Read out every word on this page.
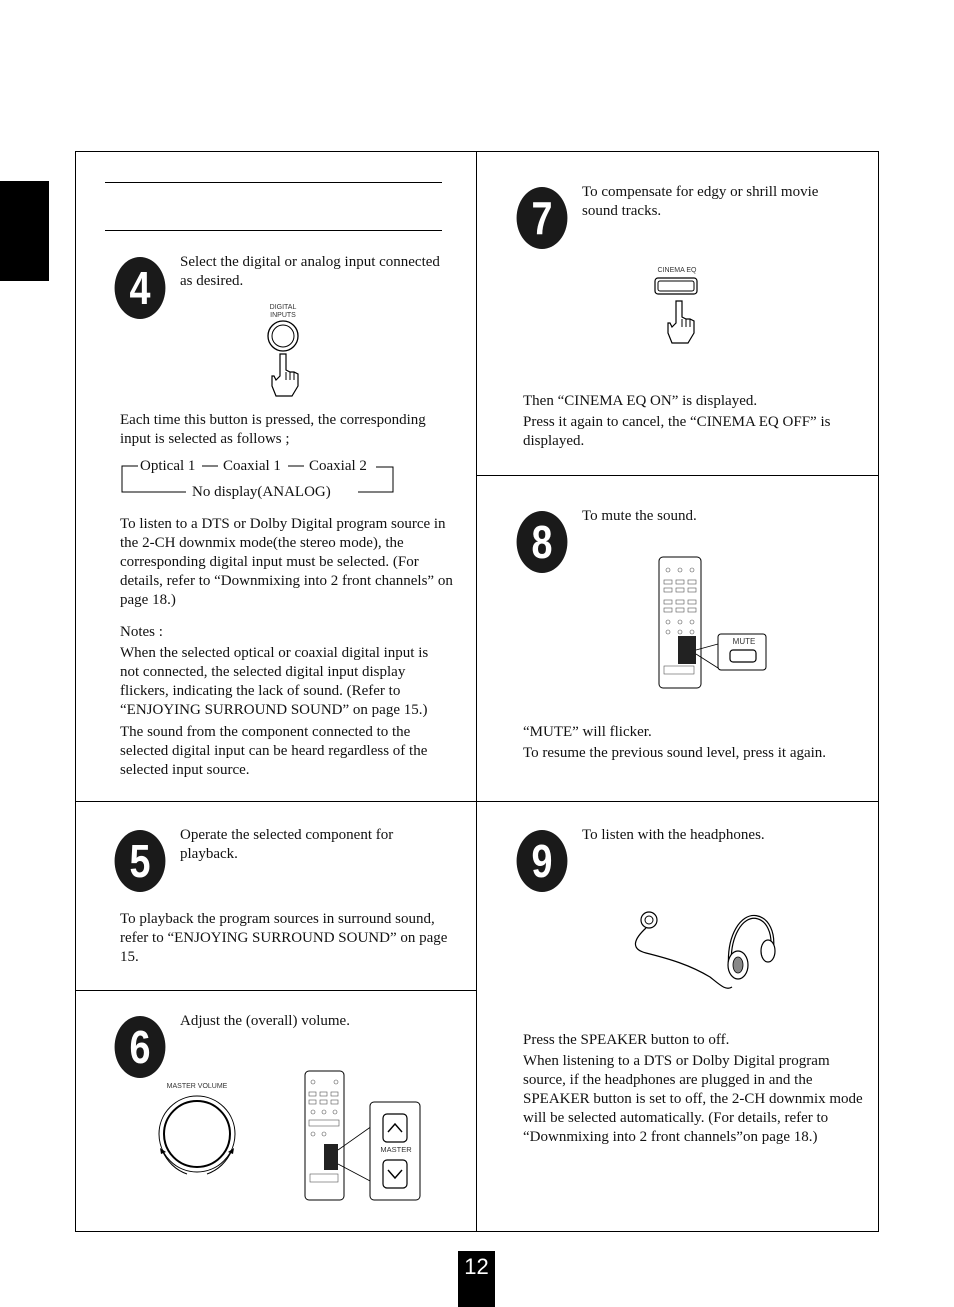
4	Select the digital or analog input connected as desired.
DIGITAL
INPUTS
Each time this button is pressed, the corresponding input is selected as follows ;
Optical 1 Coaxial 1 Coaxial 2
No display(ANALOG)
To listen to a DTS or Dolby Digital program source in the 2-CH downmix mode(the stereo mode), the corresponding digital input must be selected. (For details, refer to “Downmixing into 2 front channels” on page 18.)
Notes :
When the selected optical or coaxial digital input is not connected, the selected digital input display flickers, indicating the lack of sound. (Refer to “ENJOYING SURROUND SOUND” on page 15.)
The sound from the component connected to the selected digital input can be heard regardless of the selected input source.
7	To compensate for edgy or shrill movie sound tracks.
CINEMA EQ
Then “CINEMA EQ ON” is displayed.
Press it again to cancel, the “CINEMA EQ OFF” is displayed.
8	To mute the sound.
MUTE
“MUTE” will flicker.
To resume the previous sound level, press it again.
5	Operate the selected component for playback.
To playback the program sources in surround sound, refer to “ENJOYING SURROUND SOUND” on page 15.
9	To listen with the headphones.
Press the SPEAKER button to off.
When listening to a DTS or Dolby Digital program source, if the headphones are plugged in and the SPEAKER button is set to off, the 2-CH downmix mode will be selected automatically. (For details, refer to “Downmixing into 2 front channels”on page 18.)
6	Adjust the (overall) volume.
MASTER VOLUME
MASTER
12
